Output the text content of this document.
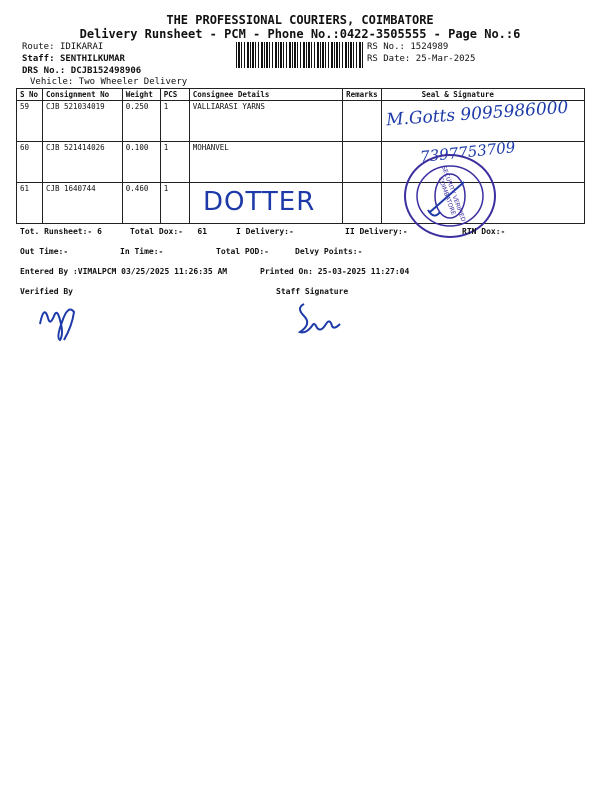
THE PROFESSIONAL COURIERS, COIMBATORE
Delivery Runsheet - PCM - Phone No.:0422-3505555 - Page No.:6
Route: IDIKARAI
Staff: SENTHILKUMAR
DRS No.: DCJB152498906
Vehicle: Two Wheeler Delivery
RS No.: 1524989
RS Date: 25-Mar-2025
S No	Consignment No	Weight	PCS	Consignee Details	Remarks	Seal & Signature
59	CJB 521034019	0.250	1	VALLIARASI YARNS		
60	CJB 521414026	0.100	1	MOHANVEL		
61	CJB 1640744	0.460	1			
M.Gotts 9095986000
7397753709
DOTTER	SECURITY VERIFIED COIMBATORE
Tot. Runsheet:- 6	Total Dox:-   61	I Delivery:-	II Delivery:-	RTN Dox:-
Out Time:-	In Time:-	Total POD:-	Delvy Points:-
Entered By :VIMALPCM 03/25/2025 11:26:35 AM	Printed On: 25-03-2025 11:27:04
Verified By	Staff Signature
